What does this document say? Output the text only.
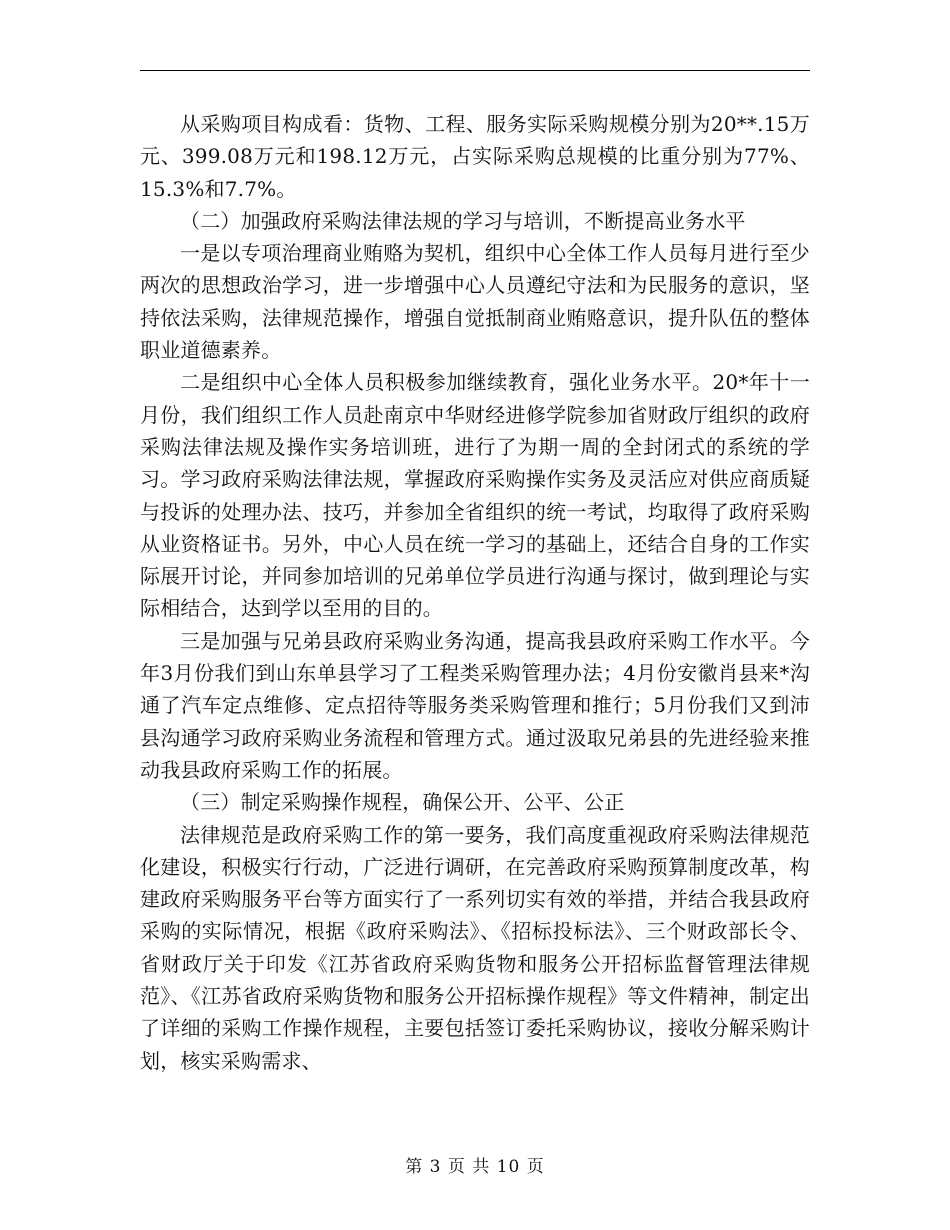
从采购项目构成看：货物、工程、服务实际采购规模分别为20**.15万元、399.08万元和198.12万元，占实际采购总规模的比重分别为77%、15.3%和7.7%。

（二）加强政府采购法律法规的学习与培训，不断提高业务水平

一是以专项治理商业贿赂为契机，组织中心全体工作人员每月进行至少两次的思想政治学习，进一步增强中心人员遵纪守法和为民服务的意识，坚持依法采购，法律规范操作，增强自觉抵制商业贿赂意识，提升队伍的整体职业道德素养。

二是组织中心全体人员积极参加继续教育，强化业务水平。20*年十一月份，我们组织工作人员赴南京中华财经进修学院参加省财政厅组织的政府采购法律法规及操作实务培训班，进行了为期一周的全封闭式的系统的学习。学习政府采购法律法规，掌握政府采购操作实务及灵活应对供应商质疑与投诉的处理办法、技巧，并参加全省组织的统一考试，均取得了政府采购从业资格证书。另外，中心人员在统一学习的基础上，还结合自身的工作实际展开讨论，并同参加培训的兄弟单位学员进行沟通与探讨，做到理论与实际相结合，达到学以至用的目的。

三是加强与兄弟县政府采购业务沟通，提高我县政府采购工作水平。今年3月份我们到山东单县学习了工程类采购管理办法；4月份安徽肖县来*沟通了汽车定点维修、定点招待等服务类采购管理和推行；5月份我们又到沛县沟通学习政府采购业务流程和管理方式。通过汲取兄弟县的先进经验来推动我县政府采购工作的拓展。

（三）制定采购操作规程，确保公开、公平、公正

法律规范是政府采购工作的第一要务，我们高度重视政府采购法律规范化建设，积极实行行动，广泛进行调研，在完善政府采购预算制度改革，构建政府采购服务平台等方面实行了一系列切实有效的举措，并结合我县政府采购的实际情况，根据《政府采购法》、《招标投标法》、三个财政部长令、省财政厅关于印发《江苏省政府采购货物和服务公开招标监督管理法律规范》、《江苏省政府采购货物和服务公开招标操作规程》等文件精神，制定出了详细的采购工作操作规程，主要包括签订委托采购协议，接收分解采购计划，核实采购需求、

第 3 页 共 10 页
